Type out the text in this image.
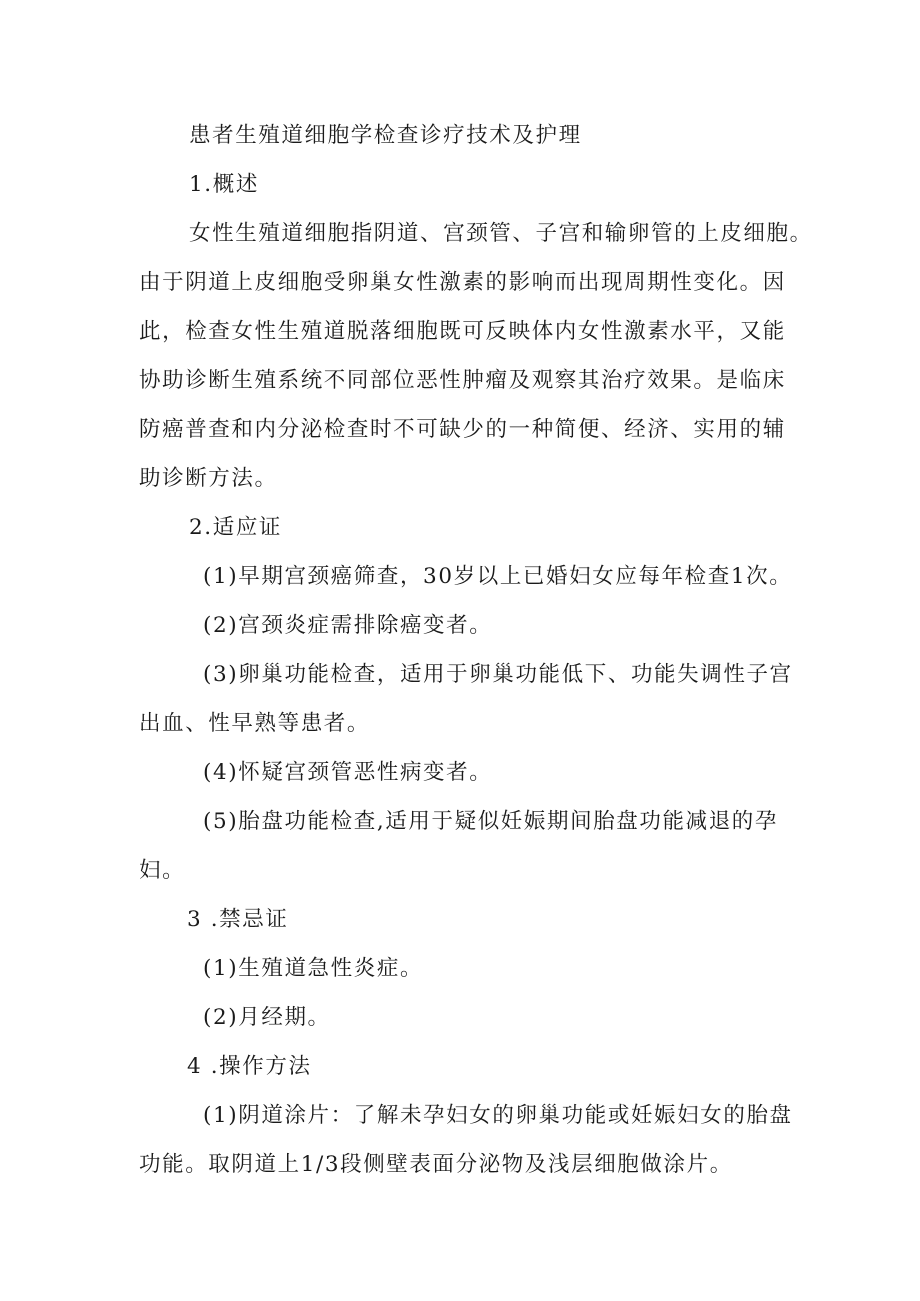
患者生殖道细胞学检查诊疗技术及护理

1.概述

女性生殖道细胞指阴道、宫颈管、子宫和输卵管的上皮细胞。

由于阴道上皮细胞受卵巢女性激素的影响而出现周期性变化。因

此，检查女性生殖道脱落细胞既可反映体内女性激素水平，又能

协助诊断生殖系统不同部位恶性肿瘤及观察其治疗效果。是临床

防癌普查和内分泌检查时不可缺少的一种简便、经济、实用的辅

助诊断方法。

2.适应证

(1)早期宫颈癌筛查，30岁以上已婚妇女应每年检查1次。

(2)宫颈炎症需排除癌变者。

(3)卵巢功能检查，适用于卵巢功能低下、功能失调性子宫

出血、性早熟等患者。

(4)怀疑宫颈管恶性病变者。

(5)胎盘功能检查,适用于疑似妊娠期间胎盘功能减退的孕

妇。

3 .禁忌证

(1)生殖道急性炎症。

(2)月经期。

4 .操作方法

(1)阴道涂片：了解未孕妇女的卵巢功能或妊娠妇女的胎盘

功能。取阴道上1/3段侧壁表面分泌物及浅层细胞做涂片。
